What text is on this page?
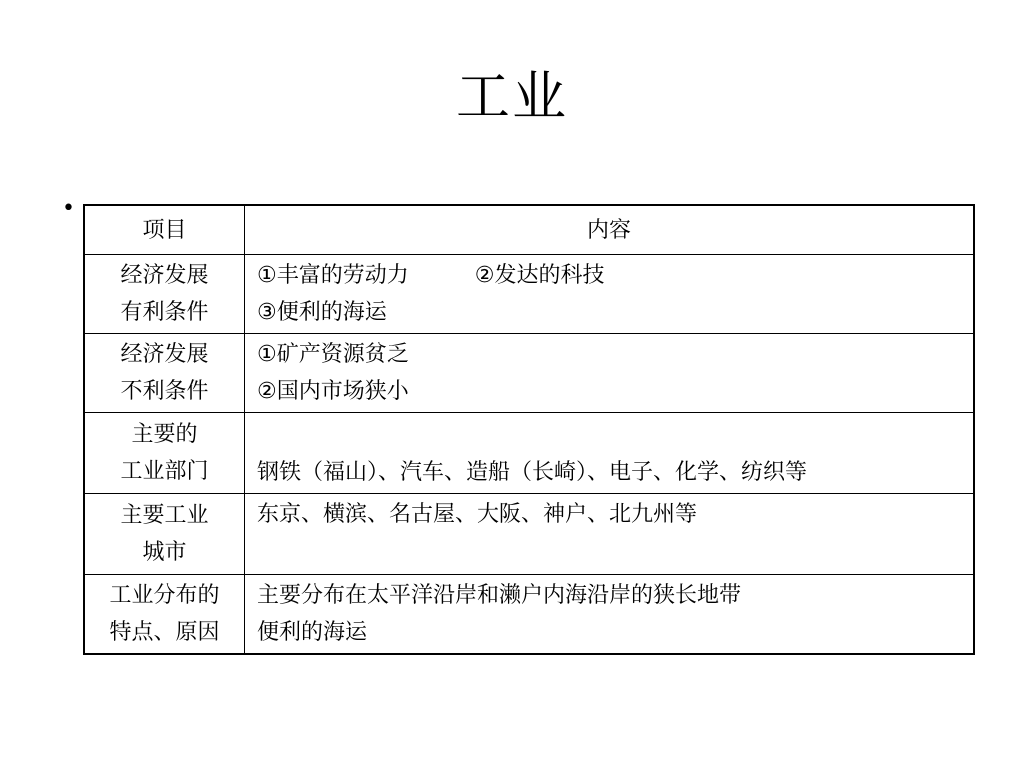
工业
•
项目	内容

经济发展
有利条件	①丰富的劳动力　　　②发达的科技
③便利的海运

经济发展
不利条件	①矿产资源贫乏
②国内市场狭小

主要的
工业部门	钢铁（福山）、汽车、造船（长崎）、电子、化学、纺织等

主要工业
城市	东京、横滨、名古屋、大阪、神户、北九州等

工业分布的
特点、原因	主要分布在太平洋沿岸和濑户内海沿岸的狭长地带
便利的海运
